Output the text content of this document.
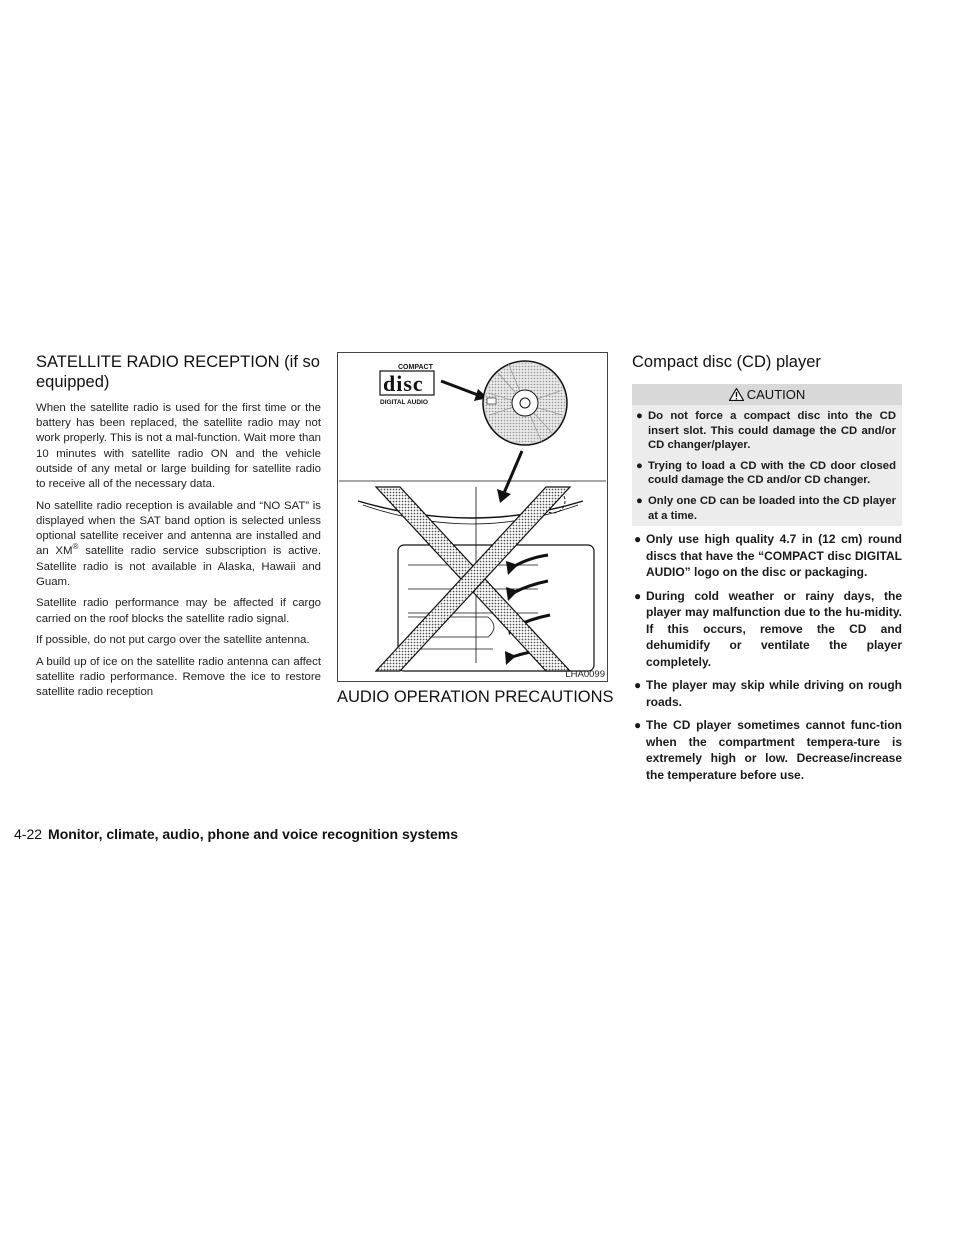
SATELLITE RADIO RECEPTION (if so equipped)

When the satellite radio is used for the first time or the battery has been replaced, the satellite radio may not work properly. This is not a mal-function. Wait more than 10 minutes with satellite radio ON and the vehicle outside of any metal or large building for satellite radio to receive all of the necessary data.

No satellite radio reception is available and “NO SAT” is displayed when the SAT band option is selected unless optional satellite receiver and antenna are installed and an XM® satellite radio service subscription is active. Satellite radio is not available in Alaska, Hawaii and Guam.

Satellite radio performance may be affected if cargo carried on the roof blocks the satellite radio signal.

If possible, do not put cargo over the satellite antenna.

A build up of ice on the satellite radio antenna can affect satellite radio performance. Remove the ice to restore satellite radio reception

COMPACT
disc
DIGITAL AUDIO
LHA0099
AUDIO OPERATION PRECAUTIONS
Compact disc (CD) player
CAUTION
● Do not force a compact disc into the CD insert slot. This could damage the CD and/or CD changer/player.
● Trying to load a CD with the CD door closed could damage the CD and/or CD changer.
● Only one CD can be loaded into the CD player at a time.
● Only use high quality 4.7 in (12 cm) round discs that have the “COMPACT disc DIGITAL AUDIO” logo on the disc or packaging.
● During cold weather or rainy days, the player may malfunction due to the hu-midity. If this occurs, remove the CD and dehumidify or ventilate the player completely.
● The player may skip while driving on rough roads.
● The CD player sometimes cannot func-tion when the compartment tempera-ture is extremely high or low. Decrease/increase the temperature before use.
4-22 Monitor, climate, audio, phone and voice recognition systems
